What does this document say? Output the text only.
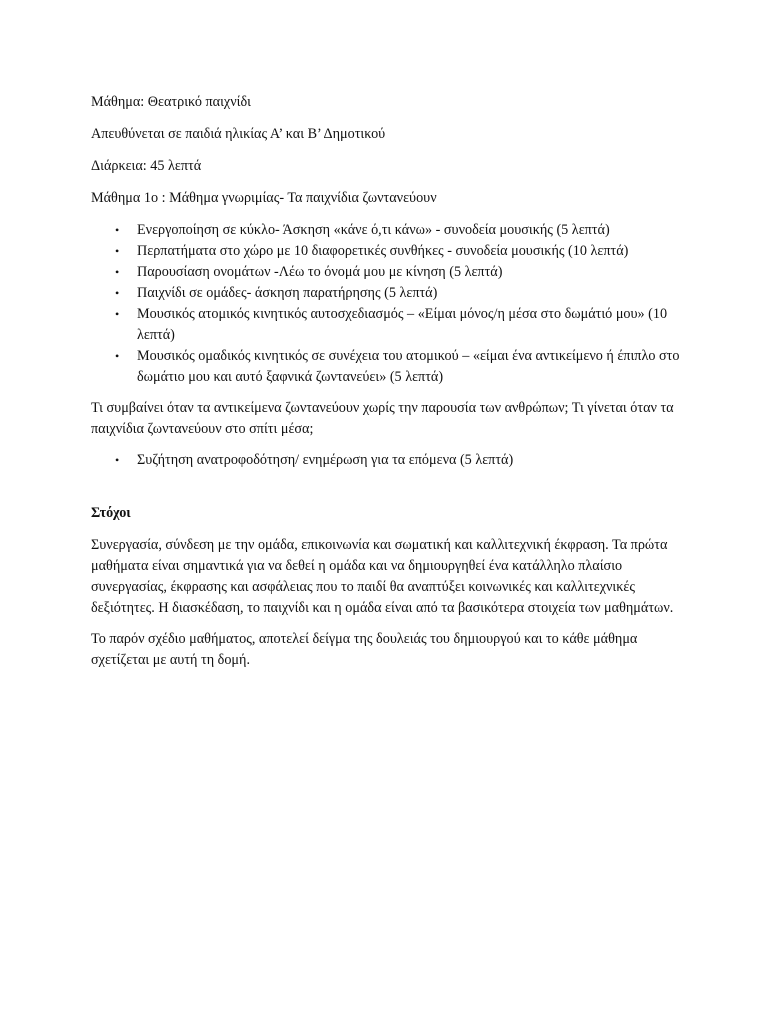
Μάθημα: Θεατρικό παιχνίδι

Απευθύνεται σε παιδιά ηλικίας Α’ και Β’ Δημοτικού

Διάρκεια: 45 λεπτά

Μάθημα 1ο : Μάθημα γνωριμίας- Τα παιχνίδια ζωντανεύουν

• Ενεργοποίηση σε κύκλο- Άσκηση «κάνε ό,τι κάνω» - συνοδεία μουσικής (5 λεπτά)
• Περπατήματα στο χώρο με 10 διαφορετικές συνθήκες - συνοδεία μουσικής (10 λεπτά)
• Παρουσίαση ονομάτων -Λέω το όνομά μου με κίνηση (5 λεπτά)
• Παιχνίδι σε ομάδες- άσκηση παρατήρησης (5 λεπτά)
• Μουσικός ατομικός κινητικός αυτοσχεδιασμός – «Είμαι μόνος/η μέσα στο δωμάτιό μου» (10 λεπτά)
• Μουσικός ομαδικός κινητικός σε συνέχεια του ατομικού – «είμαι ένα αντικείμενο ή έπιπλο στο δωμάτιο μου και αυτό ξαφνικά ζωντανεύει» (5 λεπτά)

Τι συμβαίνει όταν τα αντικείμενα ζωντανεύουν χωρίς την παρουσία των ανθρώπων; Τι γίνεται όταν τα παιχνίδια ζωντανεύουν στο σπίτι μέσα;

• Συζήτηση ανατροφοδότηση/ ενημέρωση για τα επόμενα (5 λεπτά)

Στόχοι

Συνεργασία, σύνδεση με την ομάδα, επικοινωνία και σωματική και καλλιτεχνική έκφραση. Τα πρώτα μαθήματα είναι σημαντικά για να δεθεί η ομάδα και να δημιουργηθεί ένα κατάλληλο πλαίσιο συνεργασίας, έκφρασης και ασφάλειας που το παιδί θα αναπτύξει κοινωνικές και καλλιτεχνικές δεξιότητες. Η διασκέδαση, το παιχνίδι και η ομάδα είναι από τα βασικότερα στοιχεία των μαθημάτων.

Το παρόν σχέδιο μαθήματος, αποτελεί δείγμα της δουλειάς του δημιουργού και το κάθε μάθημα σχετίζεται με αυτή τη δομή.
